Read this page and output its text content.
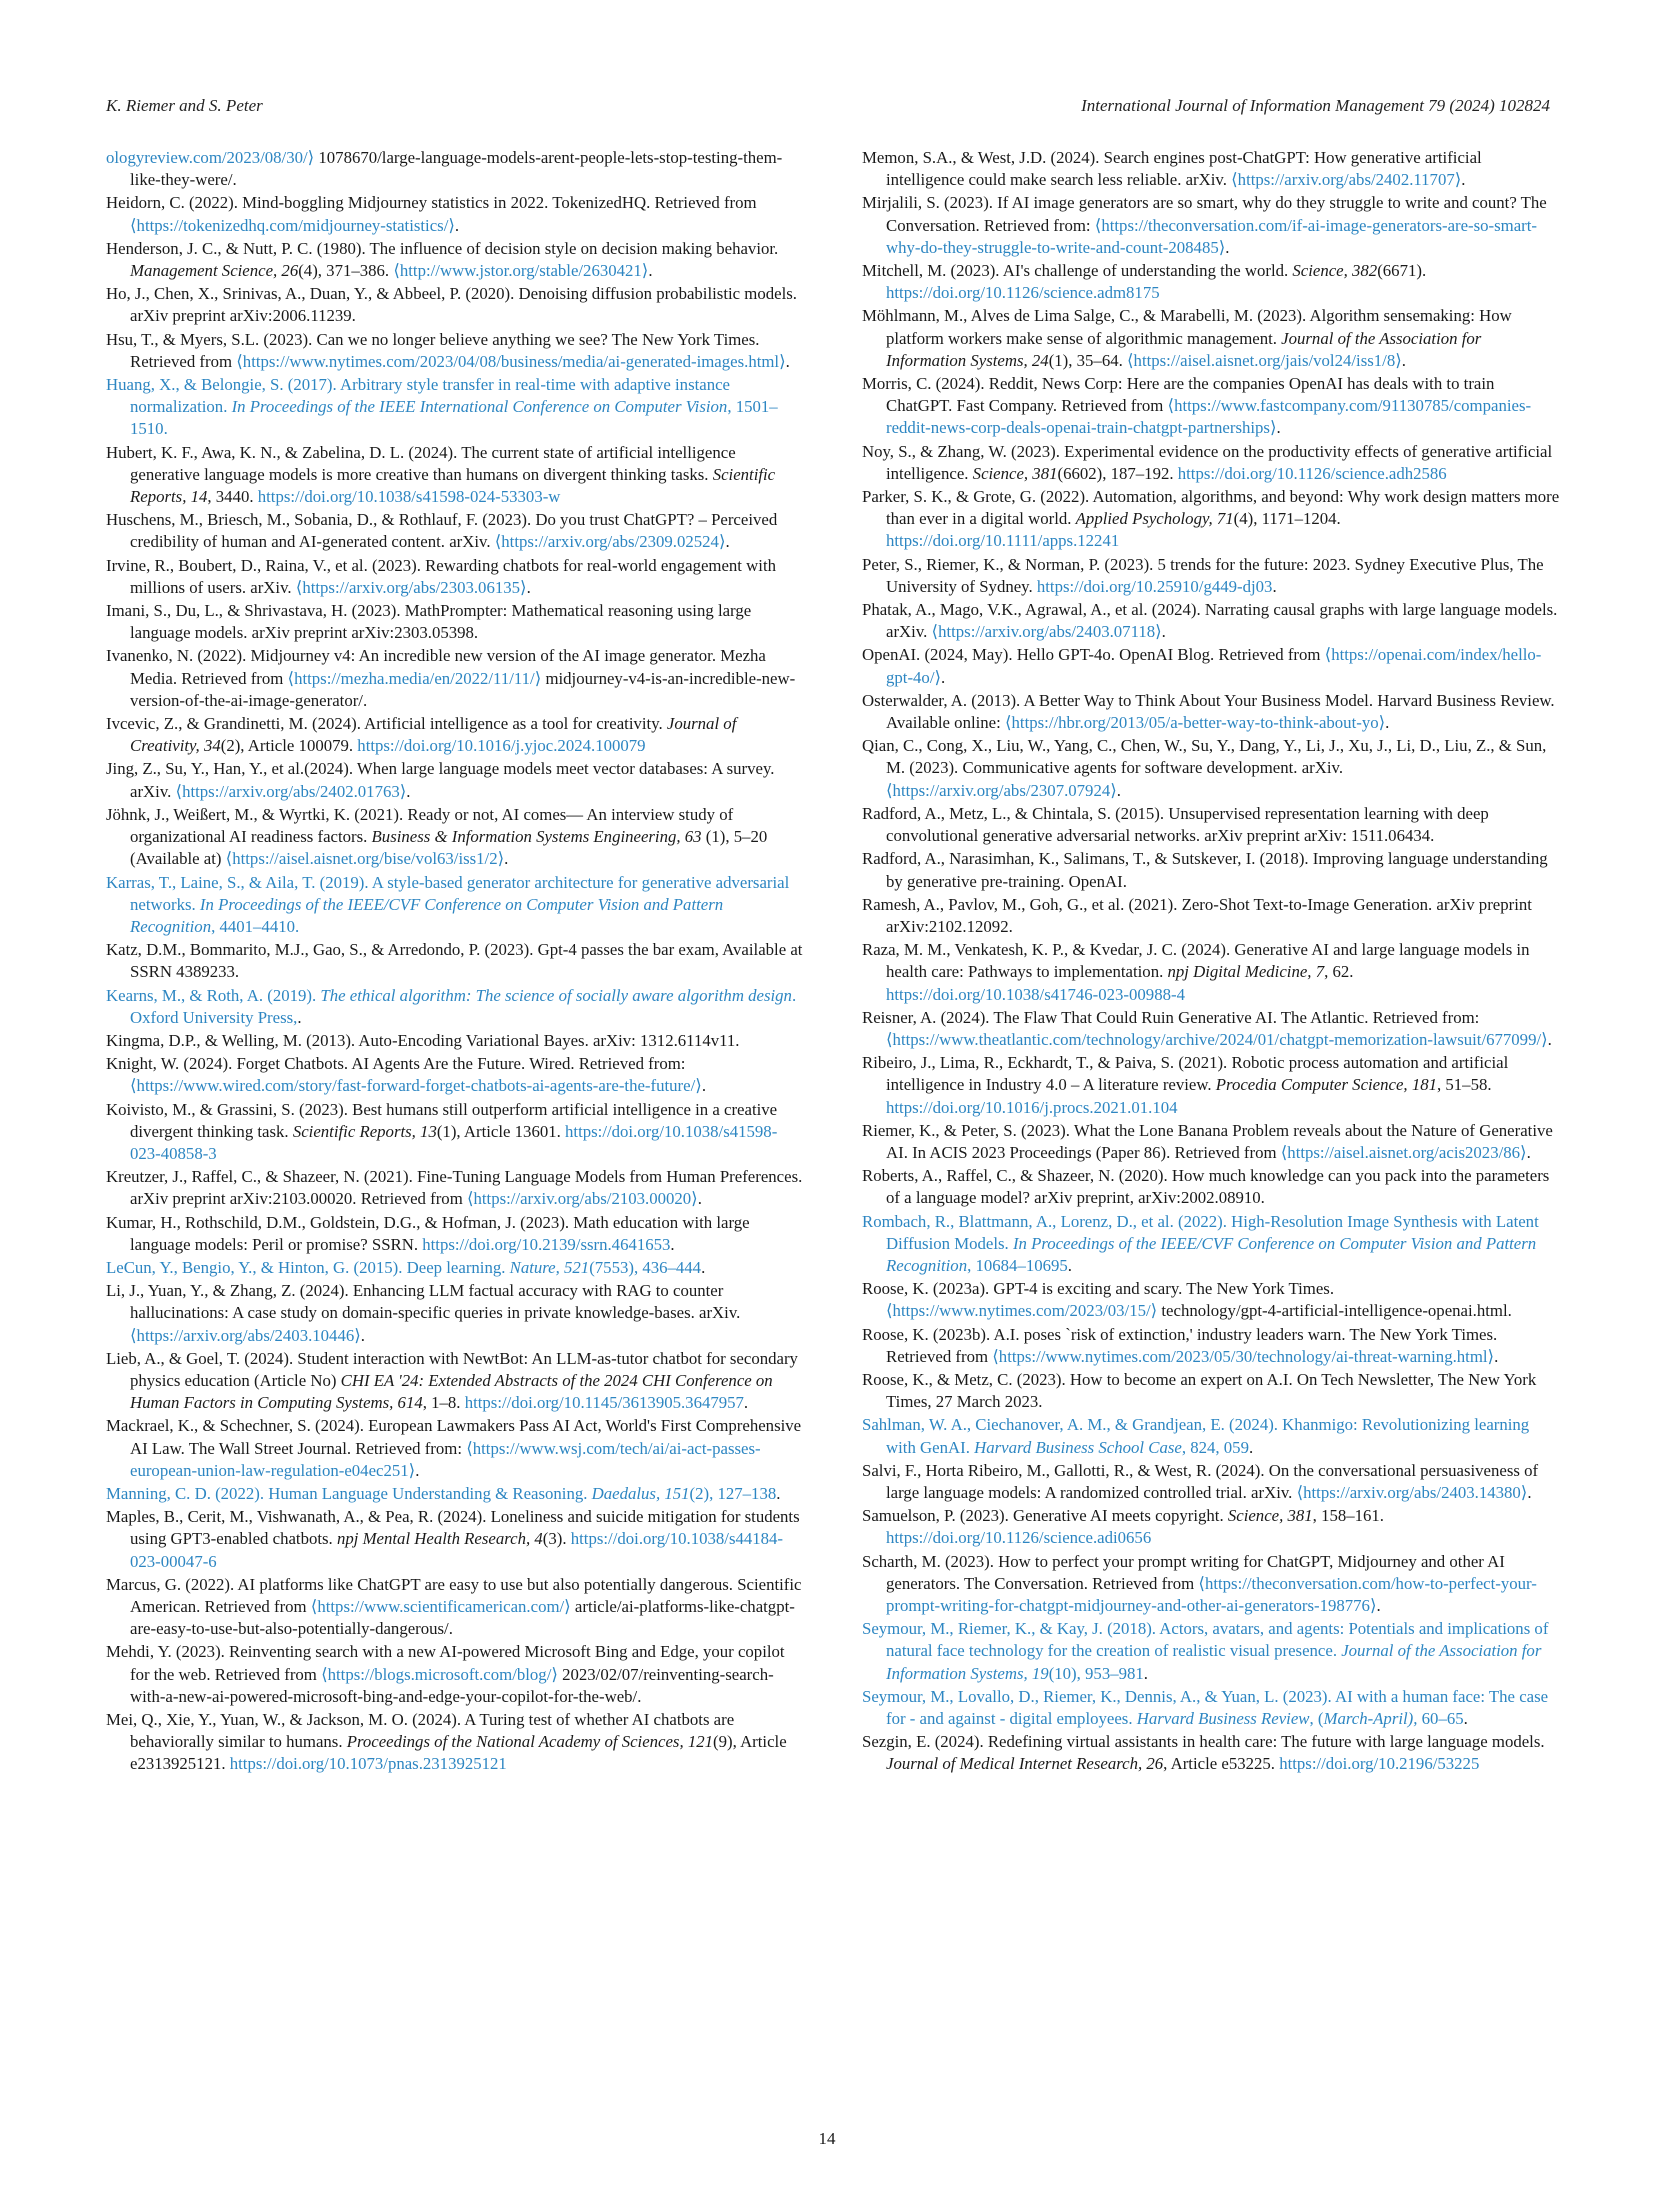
K. Riemer and S. Peter	International Journal of Information Management 79 (2024) 102824

ologyreview.com/2023/08/30/⟩ 1078670/large-language-models-arent-people-lets-stop-testing-them-like-they-were/.

Heidorn, C. (2022). Mind-boggling Midjourney statistics in 2022. TokenizedHQ. Retrieved from ⟨https://tokenizedhq.com/midjourney-statistics/⟩.

Henderson, J. C., & Nutt, P. C. (1980). The influence of decision style on decision making behavior. Management Science, 26(4), 371–386. ⟨http://www.jstor.org/stable/2630421⟩.

Ho, J., Chen, X., Srinivas, A., Duan, Y., & Abbeel, P. (2020). Denoising diffusion probabilistic models. arXiv preprint arXiv:2006.11239.

Hsu, T., & Myers, S.L. (2023). Can we no longer believe anything we see? The New York Times. Retrieved from ⟨https://www.nytimes.com/2023/04/08/business/media/ai-generated-images.html⟩.

Huang, X., & Belongie, S. (2017). Arbitrary style transfer in real-time with adaptive instance normalization. In Proceedings of the IEEE International Conference on Computer Vision, 1501–1510.

Hubert, K. F., Awa, K. N., & Zabelina, D. L. (2024). The current state of artificial intelligence generative language models is more creative than humans on divergent thinking tasks. Scientific Reports, 14, 3440. https://doi.org/10.1038/s41598-024-53303-w

Huschens, M., Briesch, M., Sobania, D., & Rothlauf, F. (2023). Do you trust ChatGPT? – Perceived credibility of human and AI-generated content. arXiv. ⟨https://arxiv.org/abs/2309.02524⟩.

Irvine, R., Boubert, D., Raina, V., et al. (2023). Rewarding chatbots for real-world engagement with millions of users. arXiv. ⟨https://arxiv.org/abs/2303.06135⟩.

Imani, S., Du, L., & Shrivastava, H. (2023). MathPrompter: Mathematical reasoning using large language models. arXiv preprint arXiv:2303.05398.

Ivanenko, N. (2022). Midjourney v4: An incredible new version of the AI image generator. Mezha Media. Retrieved from ⟨https://mezha.media/en/2022/11/11/⟩ midjourney-v4-is-an-incredible-new-version-of-the-ai-image-generator/.

Ivcevic, Z., & Grandinetti, M. (2024). Artificial intelligence as a tool for creativity. Journal of Creativity, 34(2), Article 100079. https://doi.org/10.1016/j.yjoc.2024.100079

Jing, Z., Su, Y., Han, Y., et al.(2024). When large language models meet vector databases: A survey. arXiv. ⟨https://arxiv.org/abs/2402.01763⟩.

Jöhnk, J., Weißert, M., & Wyrtki, K. (2021). Ready or not, AI comes— An interview study of organizational AI readiness factors. Business & Information Systems Engineering, 63 (1), 5–20 (Available at) ⟨https://aisel.aisnet.org/bise/vol63/iss1/2⟩.

Karras, T., Laine, S., & Aila, T. (2019). A style-based generator architecture for generative adversarial networks. In Proceedings of the IEEE/CVF Conference on Computer Vision and Pattern Recognition, 4401–4410.

Katz, D.M., Bommarito, M.J., Gao, S., & Arredondo, P. (2023). Gpt-4 passes the bar exam, Available at SSRN 4389233.

Kearns, M., & Roth, A. (2019). The ethical algorithm: The science of socially aware algorithm design. Oxford University Press,.

Kingma, D.P., & Welling, M. (2013). Auto-Encoding Variational Bayes. arXiv: 1312.6114v11.

Knight, W. (2024). Forget Chatbots. AI Agents Are the Future. Wired. Retrieved from: ⟨https://www.wired.com/story/fast-forward-forget-chatbots-ai-agents-are-the-future/⟩.

Koivisto, M., & Grassini, S. (2023). Best humans still outperform artificial intelligence in a creative divergent thinking task. Scientific Reports, 13(1), Article 13601. https://doi.org/10.1038/s41598-023-40858-3

Kreutzer, J., Raffel, C., & Shazeer, N. (2021). Fine-Tuning Language Models from Human Preferences. arXiv preprint arXiv:2103.00020. Retrieved from ⟨https://arxiv.org/abs/2103.00020⟩.

Kumar, H., Rothschild, D.M., Goldstein, D.G., & Hofman, J. (2023). Math education with large language models: Peril or promise? SSRN. https://doi.org/10.2139/ssrn.4641653.

LeCun, Y., Bengio, Y., & Hinton, G. (2015). Deep learning. Nature, 521(7553), 436–444.

Li, J., Yuan, Y., & Zhang, Z. (2024). Enhancing LLM factual accuracy with RAG to counter hallucinations: A case study on domain-specific queries in private knowledge-bases. arXiv. ⟨https://arxiv.org/abs/2403.10446⟩.

Lieb, A., & Goel, T. (2024). Student interaction with NewtBot: An LLM-as-tutor chatbot for secondary physics education (Article No) CHI EA '24: Extended Abstracts of the 2024 CHI Conference on Human Factors in Computing Systems, 614, 1–8. https://doi.org/10.1145/3613905.3647957.

Mackrael, K., & Schechner, S. (2024). European Lawmakers Pass AI Act, World's First Comprehensive AI Law. The Wall Street Journal. Retrieved from: ⟨https://www.wsj.com/tech/ai/ai-act-passes-european-union-law-regulation-e04ec251⟩.

Manning, C. D. (2022). Human Language Understanding & Reasoning. Daedalus, 151(2), 127–138.

Maples, B., Cerit, M., Vishwanath, A., & Pea, R. (2024). Loneliness and suicide mitigation for students using GPT3-enabled chatbots. npj Mental Health Research, 4(3). https://doi.org/10.1038/s44184-023-00047-6

Marcus, G. (2022). AI platforms like ChatGPT are easy to use but also potentially dangerous. Scientific American. Retrieved from ⟨https://www.scientificamerican.com/⟩ article/ai-platforms-like-chatgpt-are-easy-to-use-but-also-potentially-dangerous/.

Mehdi, Y. (2023). Reinventing search with a new AI-powered Microsoft Bing and Edge, your copilot for the web. Retrieved from ⟨https://blogs.microsoft.com/blog/⟩ 2023/02/07/reinventing-search-with-a-new-ai-powered-microsoft-bing-and-edge-your-copilot-for-the-web/.

Mei, Q., Xie, Y., Yuan, W., & Jackson, M. O. (2024). A Turing test of whether AI chatbots are behaviorally similar to humans. Proceedings of the National Academy of Sciences, 121(9), Article e2313925121. https://doi.org/10.1073/pnas.2313925121

Memon, S.A., & West, J.D. (2024). Search engines post-ChatGPT: How generative artificial intelligence could make search less reliable. arXiv. ⟨https://arxiv.org/abs/2402.11707⟩.

Mirjalili, S. (2023). If AI image generators are so smart, why do they struggle to write and count? The Conversation. Retrieved from: ⟨https://theconversation.com/if-ai-image-generators-are-so-smart-why-do-they-struggle-to-write-and-count-208485⟩.

Mitchell, M. (2023). AI's challenge of understanding the world. Science, 382(6671). https://doi.org/10.1126/science.adm8175

Möhlmann, M., Alves de Lima Salge, C., & Marabelli, M. (2023). Algorithm sensemaking: How platform workers make sense of algorithmic management. Journal of the Association for Information Systems, 24(1), 35–64. ⟨https://aisel.aisnet.org/jais/vol24/iss1/8⟩.

Morris, C. (2024). Reddit, News Corp: Here are the companies OpenAI has deals with to train ChatGPT. Fast Company. Retrieved from ⟨https://www.fastcompany.com/91130785/companies-reddit-news-corp-deals-openai-train-chatgpt-partnerships⟩.

Noy, S., & Zhang, W. (2023). Experimental evidence on the productivity effects of generative artificial intelligence. Science, 381(6602), 187–192. https://doi.org/10.1126/science.adh2586

Parker, S. K., & Grote, G. (2022). Automation, algorithms, and beyond: Why work design matters more than ever in a digital world. Applied Psychology, 71(4), 1171–1204. https://doi.org/10.1111/apps.12241

Peter, S., Riemer, K., & Norman, P. (2023). 5 trends for the future: 2023. Sydney Executive Plus, The University of Sydney. https://doi.org/10.25910/g449-dj03.

Phatak, A., Mago, V.K., Agrawal, A., et al. (2024). Narrating causal graphs with large language models. arXiv. ⟨https://arxiv.org/abs/2403.07118⟩.

OpenAI. (2024, May). Hello GPT-4o. OpenAI Blog. Retrieved from ⟨https://openai.com/index/hello-gpt-4o/⟩.

Osterwalder, A. (2013). A Better Way to Think About Your Business Model. Harvard Business Review. Available online: ⟨https://hbr.org/2013/05/a-better-way-to-think-about-yo⟩.

Qian, C., Cong, X., Liu, W., Yang, C., Chen, W., Su, Y., Dang, Y., Li, J., Xu, J., Li, D., Liu, Z., & Sun, M. (2023). Communicative agents for software development. arXiv. ⟨https://arxiv.org/abs/2307.07924⟩.

Radford, A., Metz, L., & Chintala, S. (2015). Unsupervised representation learning with deep convolutional generative adversarial networks. arXiv preprint arXiv: 1511.06434.

Radford, A., Narasimhan, K., Salimans, T., & Sutskever, I. (2018). Improving language understanding by generative pre-training. OpenAI.

Ramesh, A., Pavlov, M., Goh, G., et al. (2021). Zero-Shot Text-to-Image Generation. arXiv preprint arXiv:2102.12092.

Raza, M. M., Venkatesh, K. P., & Kvedar, J. C. (2024). Generative AI and large language models in health care: Pathways to implementation. npj Digital Medicine, 7, 62. https://doi.org/10.1038/s41746-023-00988-4

Reisner, A. (2024). The Flaw That Could Ruin Generative AI. The Atlantic. Retrieved from: ⟨https://www.theatlantic.com/technology/archive/2024/01/chatgpt-memorization-lawsuit/677099/⟩.

Ribeiro, J., Lima, R., Eckhardt, T., & Paiva, S. (2021). Robotic process automation and artificial intelligence in Industry 4.0 – A literature review. Procedia Computer Science, 181, 51–58. https://doi.org/10.1016/j.procs.2021.01.104

Riemer, K., & Peter, S. (2023). What the Lone Banana Problem reveals about the Nature of Generative AI. In ACIS 2023 Proceedings (Paper 86). Retrieved from ⟨https://aisel.aisnet.org/acis2023/86⟩.

Roberts, A., Raffel, C., & Shazeer, N. (2020). How much knowledge can you pack into the parameters of a language model? arXiv preprint, arXiv:2002.08910.

Rombach, R., Blattmann, A., Lorenz, D., et al. (2022). High-Resolution Image Synthesis with Latent Diffusion Models. In Proceedings of the IEEE/CVF Conference on Computer Vision and Pattern Recognition, 10684–10695.

Roose, K. (2023a). GPT-4 is exciting and scary. The New York Times. ⟨https://www.nytimes.com/2023/03/15/⟩ technology/gpt-4-artificial-intelligence-openai.html.

Roose, K. (2023b). A.I. poses `risk of extinction,' industry leaders warn. The New York Times. Retrieved from ⟨https://www.nytimes.com/2023/05/30/technology/ai-threat-warning.html⟩.

Roose, K., & Metz, C. (2023). How to become an expert on A.I. On Tech Newsletter, The New York Times, 27 March 2023.

Sahlman, W. A., Ciechanover, A. M., & Grandjean, E. (2024). Khanmigo: Revolutionizing learning with GenAI. Harvard Business School Case, 824, 059.

Salvi, F., Horta Ribeiro, M., Gallotti, R., & West, R. (2024). On the conversational persuasiveness of large language models: A randomized controlled trial. arXiv. ⟨https://arxiv.org/abs/2403.14380⟩.

Samuelson, P. (2023). Generative AI meets copyright. Science, 381, 158–161. https://doi.org/10.1126/science.adi0656

Scharth, M. (2023). How to perfect your prompt writing for ChatGPT, Midjourney and other AI generators. The Conversation. Retrieved from ⟨https://theconversation.com/how-to-perfect-your-prompt-writing-for-chatgpt-midjourney-and-other-ai-generators-198776⟩.

Seymour, M., Riemer, K., & Kay, J. (2018). Actors, avatars, and agents: Potentials and implications of natural face technology for the creation of realistic visual presence. Journal of the Association for Information Systems, 19(10), 953–981.

Seymour, M., Lovallo, D., Riemer, K., Dennis, A., & Yuan, L. (2023). AI with a human face: The case for - and against - digital employees. Harvard Business Review, (March-April), 60–65.

Sezgin, E. (2024). Redefining virtual assistants in health care: The future with large language models. Journal of Medical Internet Research, 26, Article e53225. https://doi.org/10.2196/53225

14
